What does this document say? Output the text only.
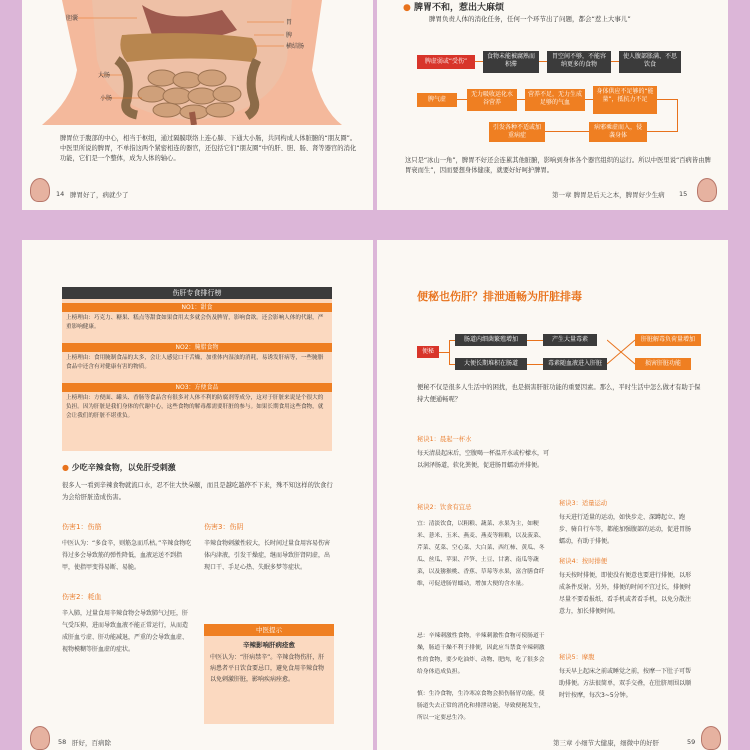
胆囊
胃
脾
横结肠
大肠
小肠
脾胃位于腹部的中心，相当于枢纽，通过隔膜联络上连心肺、下通大小肠，共同构成人体脏腑的“朋友圈”。中医里所说的脾胃，不单指这两个紧密相连的器官，还包括它们“朋友圈”中的肝、胆、肠、肾等器官的消化功能，它们是一个整体，成为人体的轴心。
14 脾胃好了，病就少了
● 脾胃不和，惹出大麻烦
脾胃负责人体的消化任务，任何一个环节出了问题，都会“惹上大事儿”
脾虚弱或“受伤”
食物未能被腐熟而积滞
胃空间不够，不能容纳更多的食物
使人腹部胀满、不思饮食
脾气虚
无力吸收运化水谷营养
营养不足，无力生成足够的气血
身体供应不足够的“能量”，抵抗力不足
引发各种不适或加重病症
病邪乘虚而入，侵袭身体
这只是“冰山一角”，脾胃不好还会连累其他脏腑，影响到身体各个器官组织的运行。所以中医里说“百病皆由脾胃衰而生”，因而要想身体健康，就要好好呵护脾胃。
第一章 脾胃是后天之本，脾胃好少生病 15
伤肝专食排行榜
NO1：甜食
上榜理由：巧克力、糖果、糕点等甜食如果食用太多就会伤及脾胃，影响食欲。还会影响人体的代谢，严重影响健康。
NO2：腌腊食物
上榜理由：食用腌制食品的太多，会让人感觉口干舌燥，加重体内湿浊的消耗，易诱发肝病等，一些腌腊食品中还含有对健康有害的物质。
NO3：方便食品
上榜理由：方便面、罐头、香肠等食品含有很多对人体不利的防腐剂等成分，这对于肝脏来说是个很大的负担。因为肝脏是我们身体的代谢中心，这些食物的解毒都需要肝脏的参与。如果长期食用这些食物，就会让我们的肝脏不堪重负。
● 少吃辛辣食物，以免肝受刺激
很多人一看到辛辣食物就流口水，忍不住大快朵颐，而且是越吃越停不下来，殊不知这样的饮食行为会给肝脏造成伤害。
伤害1：伤筋
中医认为：“多食辛，则筋急而爪枯。”辛辣食物吃得过多会导致筋的弹性降低，血液运送不到指甲，使指甲变得易断、易脆。
伤害2：耗血
辛入肺，过量食用辛辣食物会导致肺气过旺，肝气受压抑，进而导致血液不能正常运行，从而造成肝血亏虚、肝功能减退，严重的会导致血虚、视物模糊等肝血虚的症状。
伤害3：伤阴
辛辣食物刺激性较大，长时间过量食用容易伤害体内津液，引发干燥症，继而导致肝肾阴虚，出现口干、手足心热、失眠多梦等症状。
中医提示
辛辣影响肝病痊愈
中医认为：“肝病禁辛”。辛辣食物伤肝，肝病患者平日饮食要忌口，避免食用辛辣食物以免刺激肝脏，影响疾病痊愈。
58 肝好，百病除
便秘也伤肝？排泄通畅为肝脏排毒
便秘
肠道内细菌繁殖增加	产生大量毒素
大便长期堆积在肠道	毒素随血液进入肝脏
肝脏解毒负荷量增加
损害肝脏功能
便秘不仅是很多人生活中的困扰，也是损害肝脏功能的重要因素。那么，平时生活中怎么做才有助于保持大便通畅呢？
秘诀1：晨起一杯水
每天清晨起床后，空腹喝一杯温开水或柠檬水，可以润泽肠道，软化粪便，促进肠胃蠕动并排便。
秘诀2：饮食有宜忌
宜：清淡饮食，以粗粮、蔬菜、水果为主，如粳米、薏米、玉米、燕麦、燕麦等粗粮，以及菠菜、芹菜、苋菜、空心菜、大白菜、西红柿、黄瓜、冬瓜、丝瓜、苹果、芦笋、土豆、甘薯、南瓜等蔬菜，以及猕猴桃、香蕉、草莓等水果，富含膳食纤维，可促进肠胃蠕动，增加大便的含水量。
忌：辛辣刺激性食物，辛辣刺激性食物可使肠道干燥，肠道干燥不利于排便，因此应当禁食辛辣刺激性的食物，要少吃油炸、动物、肥肉，吃了很多会给身体造成负担。
慎：生冷食物，生冷寒凉食物会损伤肠胃功能，使肠道失去正常的消化和排泄功能，导致便秘发生，所以一定要忌生冷。
秘诀3：适量运动
每天进行适量的运动，如快步走、深蹲起立、跑步、骑自行车等，都能加强腹部的运动，促进胃肠蠕动，有助于排便。
秘诀4：按时排便
每天按时排便，即使没有便意也要进行排便，以形成条件反射。另外，排便的时间不宜过长，排便时尽量不要看报纸、看手机或者看手机，以免分散注意力，加长排便时间。
秘诀5：摩腹
每天早上起床之前或睡觉之前，按摩一下肚子可帮助排便。方法很简单，双手交叠，在肚脐周围以顺时针按摩，每次3~5分钟。
第三章 小细节大健康，细微中的好肝	59
